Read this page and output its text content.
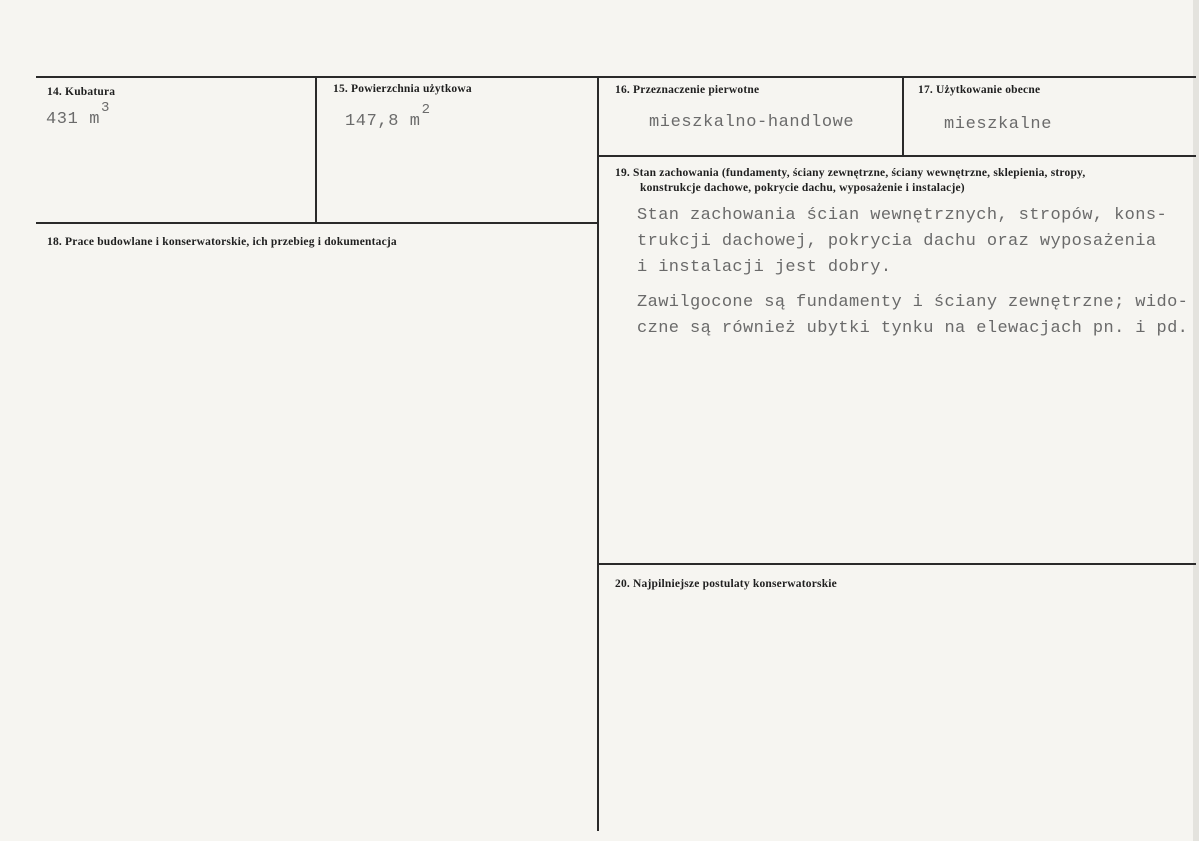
14. Kubatura
431 $m^3$
15. Powierzchnia użytkowa
147,8 $m^2$
16. Przeznaczenie pierwotne
mieszkalno-handlowe
17. Użytkowanie obecne
mieszkalne
18. Prace budowlane i konserwatorskie, ich przebieg i dokumentacja
19. Stan zachowania (fundamenty, ściany zewnętrzne, ściany wewnętrzne, sklepienia, stropy,
konstrukcje dachowe, pokrycie dachu, wyposażenie i instalacje)
Stan zachowania ścian wewnętrznych, stropów, kons-
trukcji dachowej, pokrycia dachu oraz wyposażenia
i instalacji jest dobry.
Zawilgocone są fundamenty i ściany zewnętrzne; wido-
czne są również ubytki tynku na elewacjach pn. i pd.
20. Najpilniejsze postulaty konserwatorskie
